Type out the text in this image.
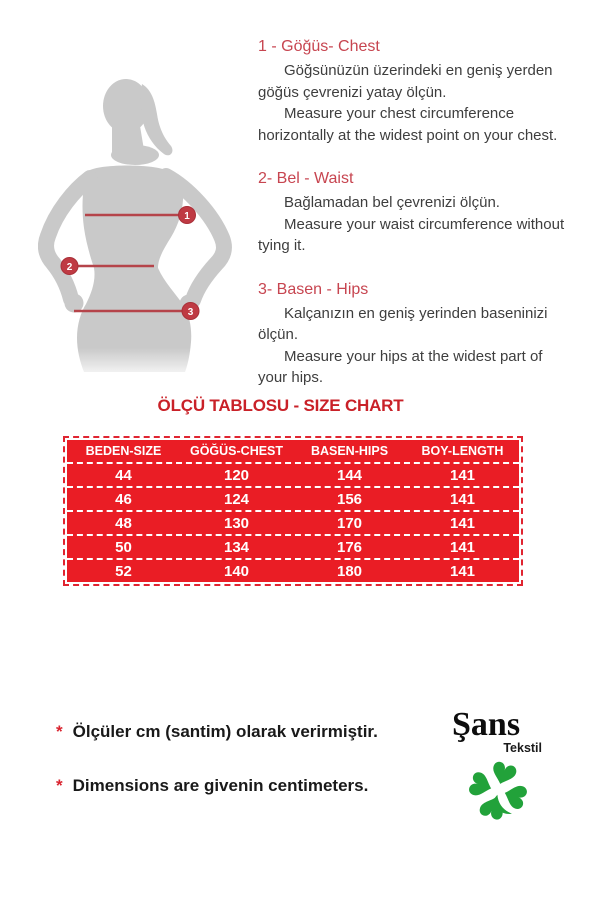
1
2
3
1 - Göğüs- Chest

Göğsünüzün üzerindeki en geniş yerden göğüs çevrenizi yatay ölçün.

Measure your chest circumference horizontally at the widest point on your chest.

2- Bel - Waist

Bağlamadan bel çevrenizi ölçün.

Measure your waist circumference without tying it.

3- Basen - Hips

Kalçanızın en geniş yerinden baseninizi ölçün.

Measure your hips at the widest part of your hips.

ÖLÇÜ TABLOSU - SIZE CHART
BEDEN-SIZE	GÖĞÜS-CHEST	BASEN-HIPS	BOY-LENGTH
44	120	144	141
46	124	156	141
48	130	170	141
50	134	176	141
52	140	180	141
* Ölçüler cm (santim) olarak verirmiştir.
* Dimensions are givenin centimeters.
Şans
Tekstil
